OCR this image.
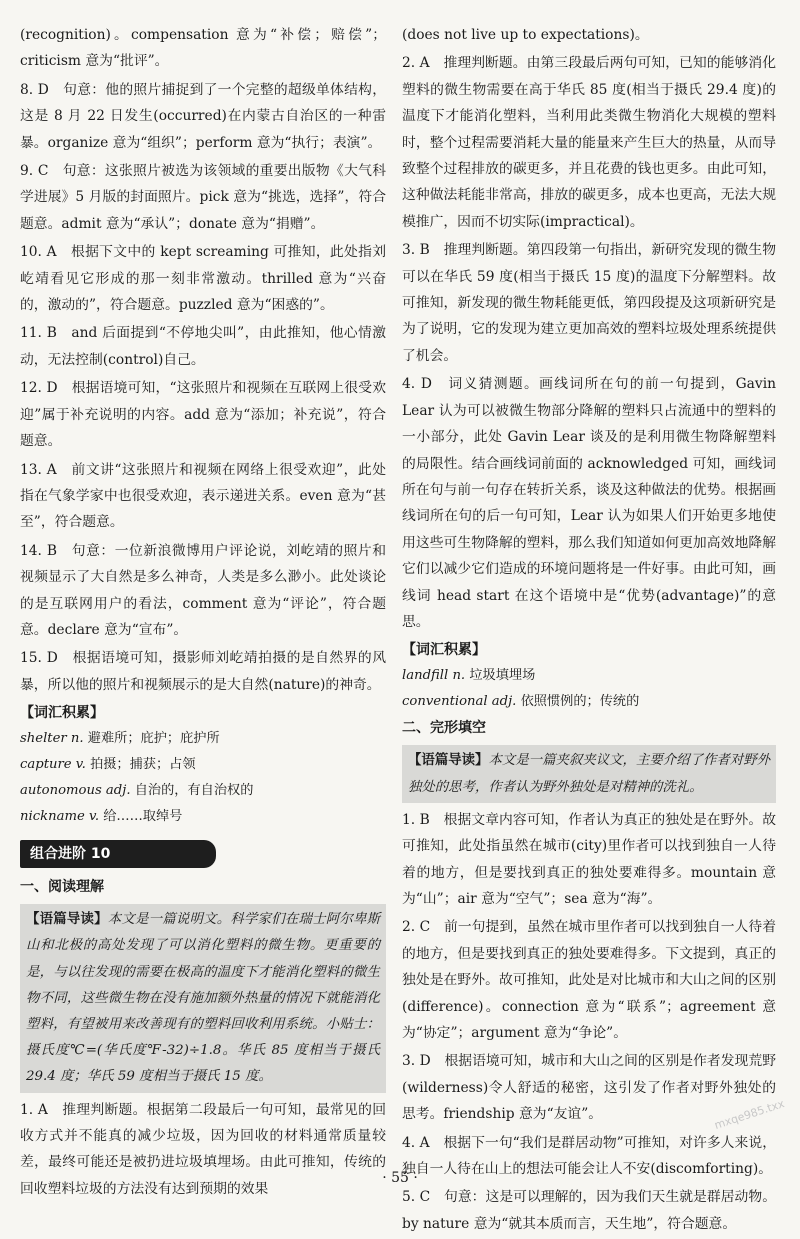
(recognition)。compensation 意为“补偿；赔偿”；criticism 意为“批评”。

8. D　句意：他的照片捕捉到了一个完整的超级单体结构，这是 8 月 22 日发生(occurred)在内蒙古自治区的一种雷暴。organize 意为“组织”；perform 意为“执行；表演”。

9. C　句意：这张照片被选为该领域的重要出版物《大气科学进展》5 月版的封面照片。pick 意为“挑选，选择”，符合题意。admit 意为“承认”；donate 意为“捐赠”。

10. A　根据下文中的 kept screaming 可推知，此处指刘屹靖看见它形成的那一刻非常激动。thrilled 意为“兴奋的，激动的”，符合题意。puzzled 意为“困惑的”。

11. B　and 后面提到“不停地尖叫”，由此推知，他心情激动，无法控制(control)自己。

12. D　根据语境可知，“这张照片和视频在互联网上很受欢迎”属于补充说明的内容。add 意为“添加；补充说”，符合题意。

13. A　前文讲“这张照片和视频在网络上很受欢迎”，此处指在气象学家中也很受欢迎，表示递进关系。even 意为“甚至”，符合题意。

14. B　句意：一位新浪微博用户评论说，刘屹靖的照片和视频显示了大自然是多么神奇，人类是多么渺小。此处谈论的是互联网用户的看法，comment 意为“评论”，符合题意。declare 意为“宣布”。

15. D　根据语境可知，摄影师刘屹靖拍摄的是自然界的风暴，所以他的照片和视频展示的是大自然(nature)的神奇。

【词汇积累】
shelter n. 避难所；庇护；庇护所
capture v. 拍摄；捕获；占领
autonomous adj. 自治的，有自治权的
nickname v. 给……取绰号
组合进阶 10
一、阅读理解
【语篇导读】本文是一篇说明文。科学家们在瑞士阿尔卑斯山和北极的高处发现了可以消化塑料的微生物。更重要的是，与以往发现的需要在极高的温度下才能消化塑料的微生物不同，这些微生物在没有施加额外热量的情况下就能消化塑料，有望被用来改善现有的塑料回收利用系统。小贴士：摄氏度℃=(华氏度℉-32)÷1.8。华氏 85 度相当于摄氏 29.4 度；华氏 59 度相当于摄氏 15 度。

1. A　推理判断题。根据第二段最后一句可知，最常见的回收方式并不能真的减少垃圾，因为回收的材料通常质量较差，最终可能还是被扔进垃圾填埋场。由此可推知，传统的回收塑料垃圾的方法没有达到预期的效果

(does not live up to expectations)。

2. A　推理判断题。由第三段最后两句可知，已知的能够消化塑料的微生物需要在高于华氏 85 度(相当于摄氏 29.4 度)的温度下才能消化塑料，当利用此类微生物消化大规模的塑料时，整个过程需要消耗大量的能量来产生巨大的热量，从而导致整个过程排放的碳更多，并且花费的钱也更多。由此可知，这种做法耗能非常高，排放的碳更多，成本也更高，无法大规模推广，因而不切实际(impractical)。

3. B　推理判断题。第四段第一句指出，新研究发现的微生物可以在华氏 59 度(相当于摄氏 15 度)的温度下分解塑料。故可推知，新发现的微生物耗能更低，第四段提及这项新研究是为了说明，它的发现为建立更加高效的塑料垃圾处理系统提供了机会。

4. D　词义猜测题。画线词所在句的前一句提到，Gavin Lear 认为可以被微生物部分降解的塑料只占流通中的塑料的一小部分，此处 Gavin Lear 谈及的是利用微生物降解塑料的局限性。结合画线词前面的 acknowledged 可知，画线词所在句与前一句存在转折关系，谈及这种做法的优势。根据画线词所在句的后一句可知，Lear 认为如果人们开始更多地使用这些可生物降解的塑料，那么我们知道如何更加高效地降解它们以减少它们造成的环境问题将是一件好事。由此可知，画线词 head start 在这个语境中是“优势(advantage)”的意思。

【词汇积累】
landfill n. 垃圾填埋场
conventional adj. 依照惯例的；传统的
二、完形填空
【语篇导读】本文是一篇夹叙夹议文，主要介绍了作者对野外独处的思考，作者认为野外独处是对精神的洗礼。

1. B　根据文章内容可知，作者认为真正的独处是在野外。故可推知，此处指虽然在城市(city)里作者可以找到独自一人待着的地方，但是要找到真正的独处要难得多。mountain 意为“山”；air 意为“空气”；sea 意为“海”。

2. C　前一句提到，虽然在城市里作者可以找到独自一人待着的地方，但是要找到真正的独处要难得多。下文提到，真正的独处是在野外。故可推知，此处是对比城市和大山之间的区别(difference)。connection 意为“联系”；agreement 意为“协定”；argument 意为“争论”。

3. D　根据语境可知，城市和大山之间的区别是作者发现荒野(wilderness)令人舒适的秘密，这引发了作者对野外独处的思考。friendship 意为“友谊”。

4. A　根据下一句“我们是群居动物”可推知，对许多人来说，独自一人待在山上的想法可能会让人不安(discomforting)。

5. C　句意：这是可以理解的，因为我们天生就是群居动物。by nature 意为“就其本质而言，天生地”，符合题意。

· 55 ·
mxqe985.txx
